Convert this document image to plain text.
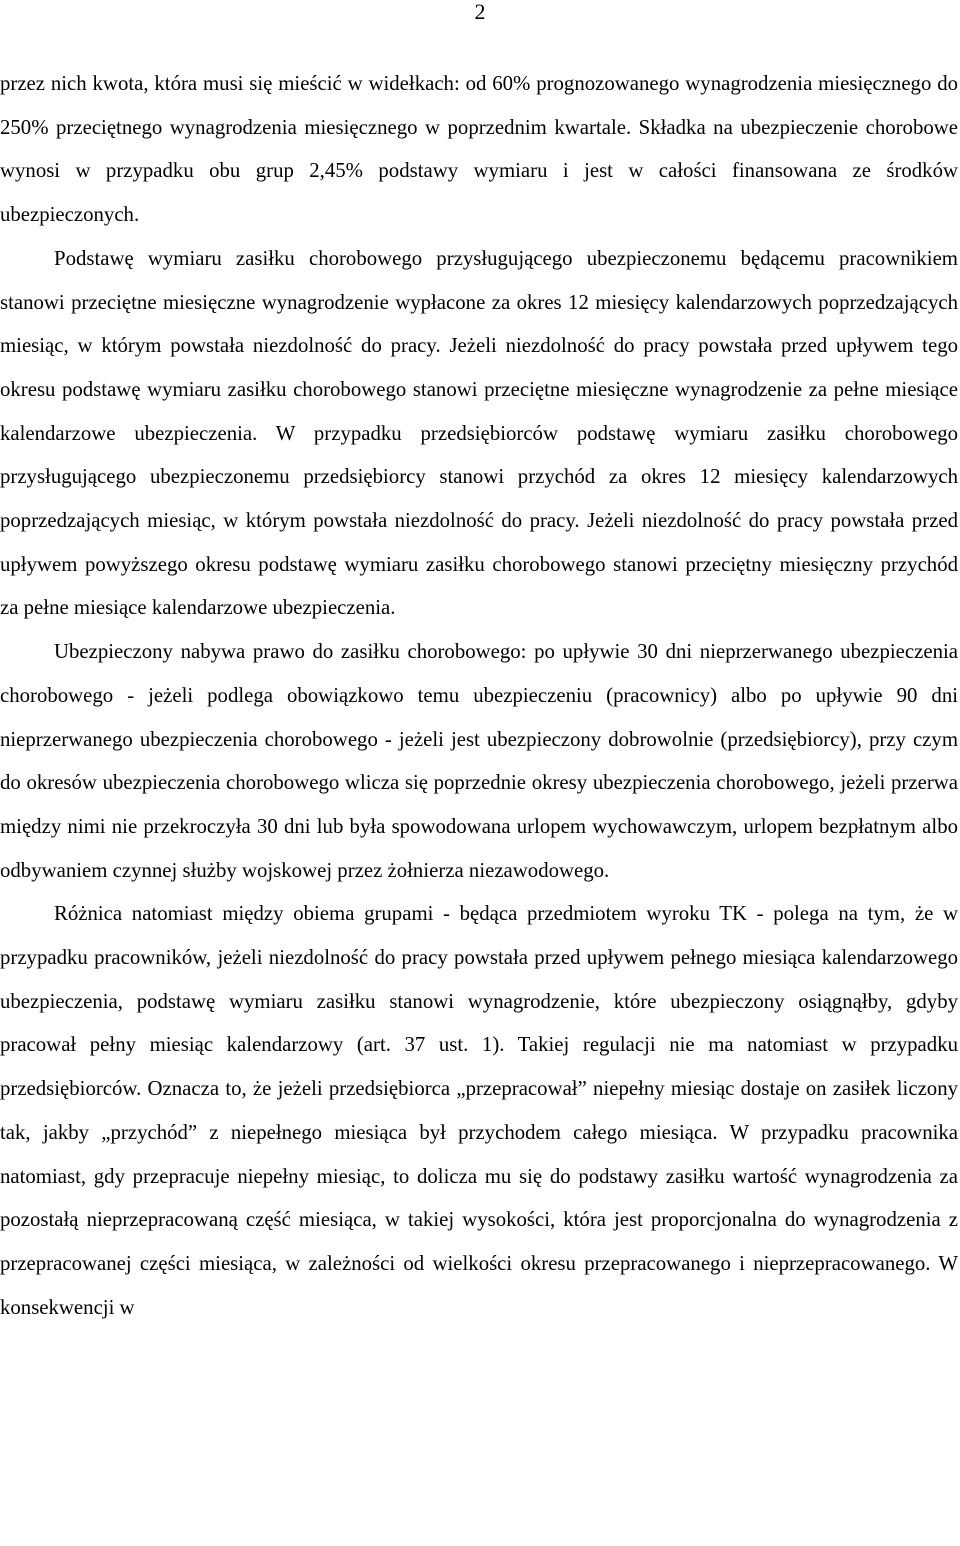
2

przez nich kwota, która musi się mieścić w widełkach: od 60% prognozowanego wynagrodzenia miesięcznego do 250% przeciętnego wynagrodzenia miesięcznego w poprzednim kwartale. Składka na ubezpieczenie chorobowe wynosi w przypadku obu grup 2,45% podstawy wymiaru i jest w całości finansowana ze środków ubezpieczonych.

Podstawę wymiaru zasiłku chorobowego przysługującego ubezpieczonemu będącemu pracownikiem stanowi przeciętne miesięczne wynagrodzenie wypłacone za okres 12 miesięcy kalendarzowych poprzedzających miesiąc, w którym powstała niezdolność do pracy. Jeżeli niezdolność do pracy powstała przed upływem tego okresu podstawę wymiaru zasiłku chorobowego stanowi przeciętne miesięczne wynagrodzenie za pełne miesiące kalendarzowe ubezpieczenia. W przypadku przedsiębiorców podstawę wymiaru zasiłku chorobowego przysługującego ubezpieczonemu przedsiębiorcy stanowi przychód za okres 12 miesięcy kalendarzowych poprzedzających miesiąc, w którym powstała niezdolność do pracy. Jeżeli niezdolność do pracy powstała przed upływem powyższego okresu podstawę wymiaru zasiłku chorobowego stanowi przeciętny miesięczny przychód za pełne miesiące kalendarzowe ubezpieczenia.

Ubezpieczony nabywa prawo do zasiłku chorobowego: po upływie 30 dni nieprzerwanego ubezpieczenia chorobowego - jeżeli podlega obowiązkowo temu ubezpieczeniu (pracownicy) albo po upływie 90 dni nieprzerwanego ubezpieczenia chorobowego - jeżeli jest ubezpieczony dobrowolnie (przedsiębiorcy), przy czym do okresów ubezpieczenia chorobowego wlicza się poprzednie okresy ubezpieczenia chorobowego, jeżeli przerwa między nimi nie przekroczyła 30 dni lub była spowodowana urlopem wychowawczym, urlopem bezpłatnym albo odbywaniem czynnej służby wojskowej przez żołnierza niezawodowego.

Różnica natomiast między obiema grupami - będąca przedmiotem wyroku TK - polega na tym, że w przypadku pracowników, jeżeli niezdolność do pracy powstała przed upływem pełnego miesiąca kalendarzowego ubezpieczenia, podstawę wymiaru zasiłku stanowi wynagrodzenie, które ubezpieczony osiągnąłby, gdyby pracował pełny miesiąc kalendarzowy (art. 37 ust. 1). Takiej regulacji nie ma natomiast w przypadku przedsiębiorców. Oznacza to, że jeżeli przedsiębiorca „przepracował” niepełny miesiąc dostaje on zasiłek liczony tak, jakby „przychód” z niepełnego miesiąca był przychodem całego miesiąca. W przypadku pracownika natomiast, gdy przepracuje niepełny miesiąc, to dolicza mu się do podstawy zasiłku wartość wynagrodzenia za pozostałą nieprzepracowaną część miesiąca, w takiej wysokości, która jest proporcjonalna do wynagrodzenia z przepracowanej części miesiąca, w zależności od wielkości okresu przepracowanego i nieprzepracowanego. W konsekwencji w
